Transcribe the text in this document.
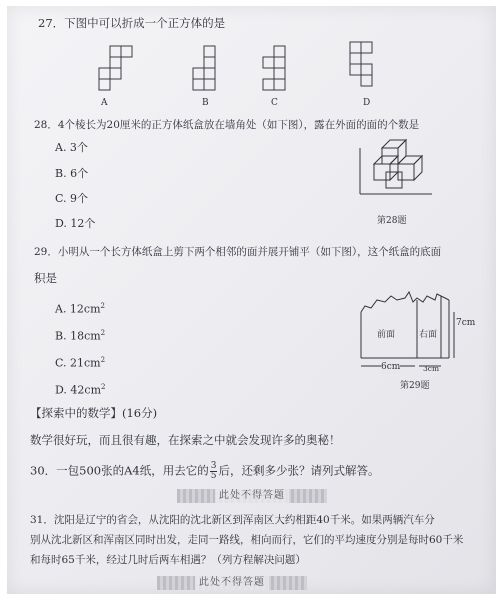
27．下图中可以折成一个正方体的是
A	B	C	D
28．4个棱长为20厘米的正方体纸盒放在墙角处（如下图），露在外面的面的个数是
A. 3个
B. 6个
C. 9个
D. 12个	第28题
29．小明从一个长方体纸盒上剪下两个相邻的面并展开铺平（如下图），这个纸盒的底面
积是
A. $12cm^2$
B. $18cm^2$
C. $21cm^2$
D. $42cm^2$
前面	右面
7cm
6cm	3cm
第29题
【探索中的数学】(16分)
数学很好玩，而且很有趣，在探索之中就会发现许多的奥秘！
30．一包500张的A4纸，用去它的 $\frac{3}{5}$ 后，还剩多少张？请列式解答。
此处不得答题
31．沈阳是辽宁的省会，从沈阳的沈北新区到浑南区大约相距40千米。如果两辆汽车分
别从沈北新区和浑南区同时出发，走同一路线，相向而行，它们的平均速度分别是每时60千米
和每时65千米，经过几时后两车相遇？（列方程解决问题）
此处不得答题
